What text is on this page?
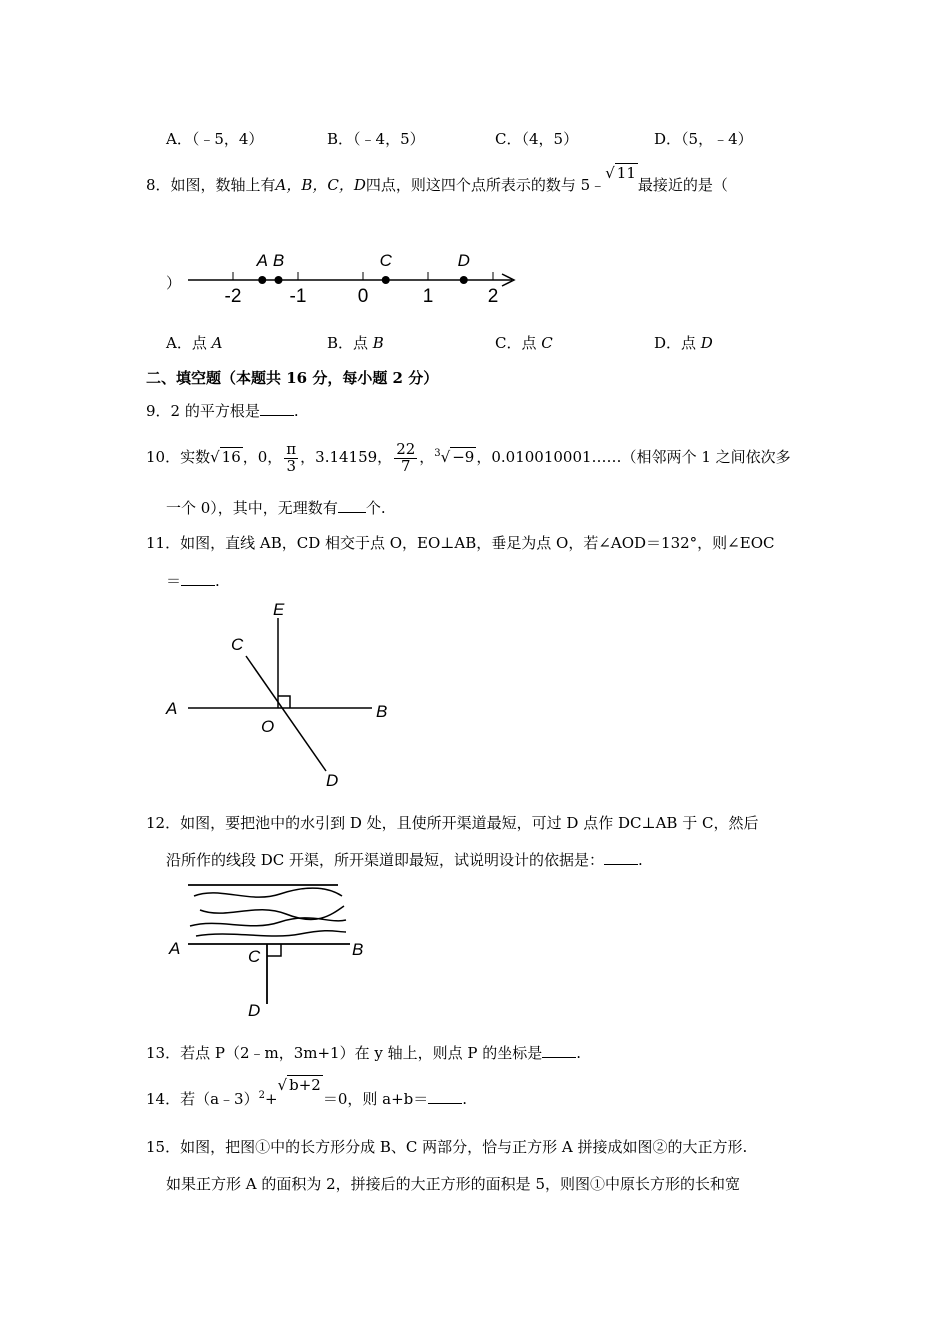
A．（﹣5，4）	B．（﹣4，5）	C．（4，5）	D．（5，﹣4）
8．如图，数轴上有A，B，C，D四点，则这四个点所表示的数与 5﹣√ 11最接近的是（
）
-2	-1	0	1	2
A B	C	D
A．点 A	B．点 B	C．点 C	D．点 D
二、填空题（本题共 16 分，每小题 2 分）
9．2 的平方根是 .
10．实数√ 16 ，0， $\frac{\pi}{3}$ ，3.14159， $\frac{22}{7}$ ，$^3$√ −9 ，0.010010001……（相邻两个 1 之间依次多
一个 0），其中，无理数有 个.
11．如图，直线 AB，CD 相交于点 O，EO⊥AB，垂足为点 O，若∠AOD＝132°，则∠EOC
＝ .
E
C
A
O
B
D
12．如图，要把池中的水引到 D 处，且使所开渠道最短，可过 D 点作 DC⊥AB 于 C，然后
沿所作的线段 DC 开渠，所开渠道即最短，试说明设计的依据是： .
A	C	B
D
13．若点 P（2﹣m，3m+1）在 y 轴上，则点 P 的坐标是 .
14．若（a﹣3）$^2$+√ b+2＝0，则 a+b＝ .
15．如图，把图①中的长方形分成 B、C 两部分，恰与正方形 A 拼接成如图②的大正方形.
如果正方形 A 的面积为 2，拼接后的大正方形的面积是 5，则图①中原长方形的长和宽
